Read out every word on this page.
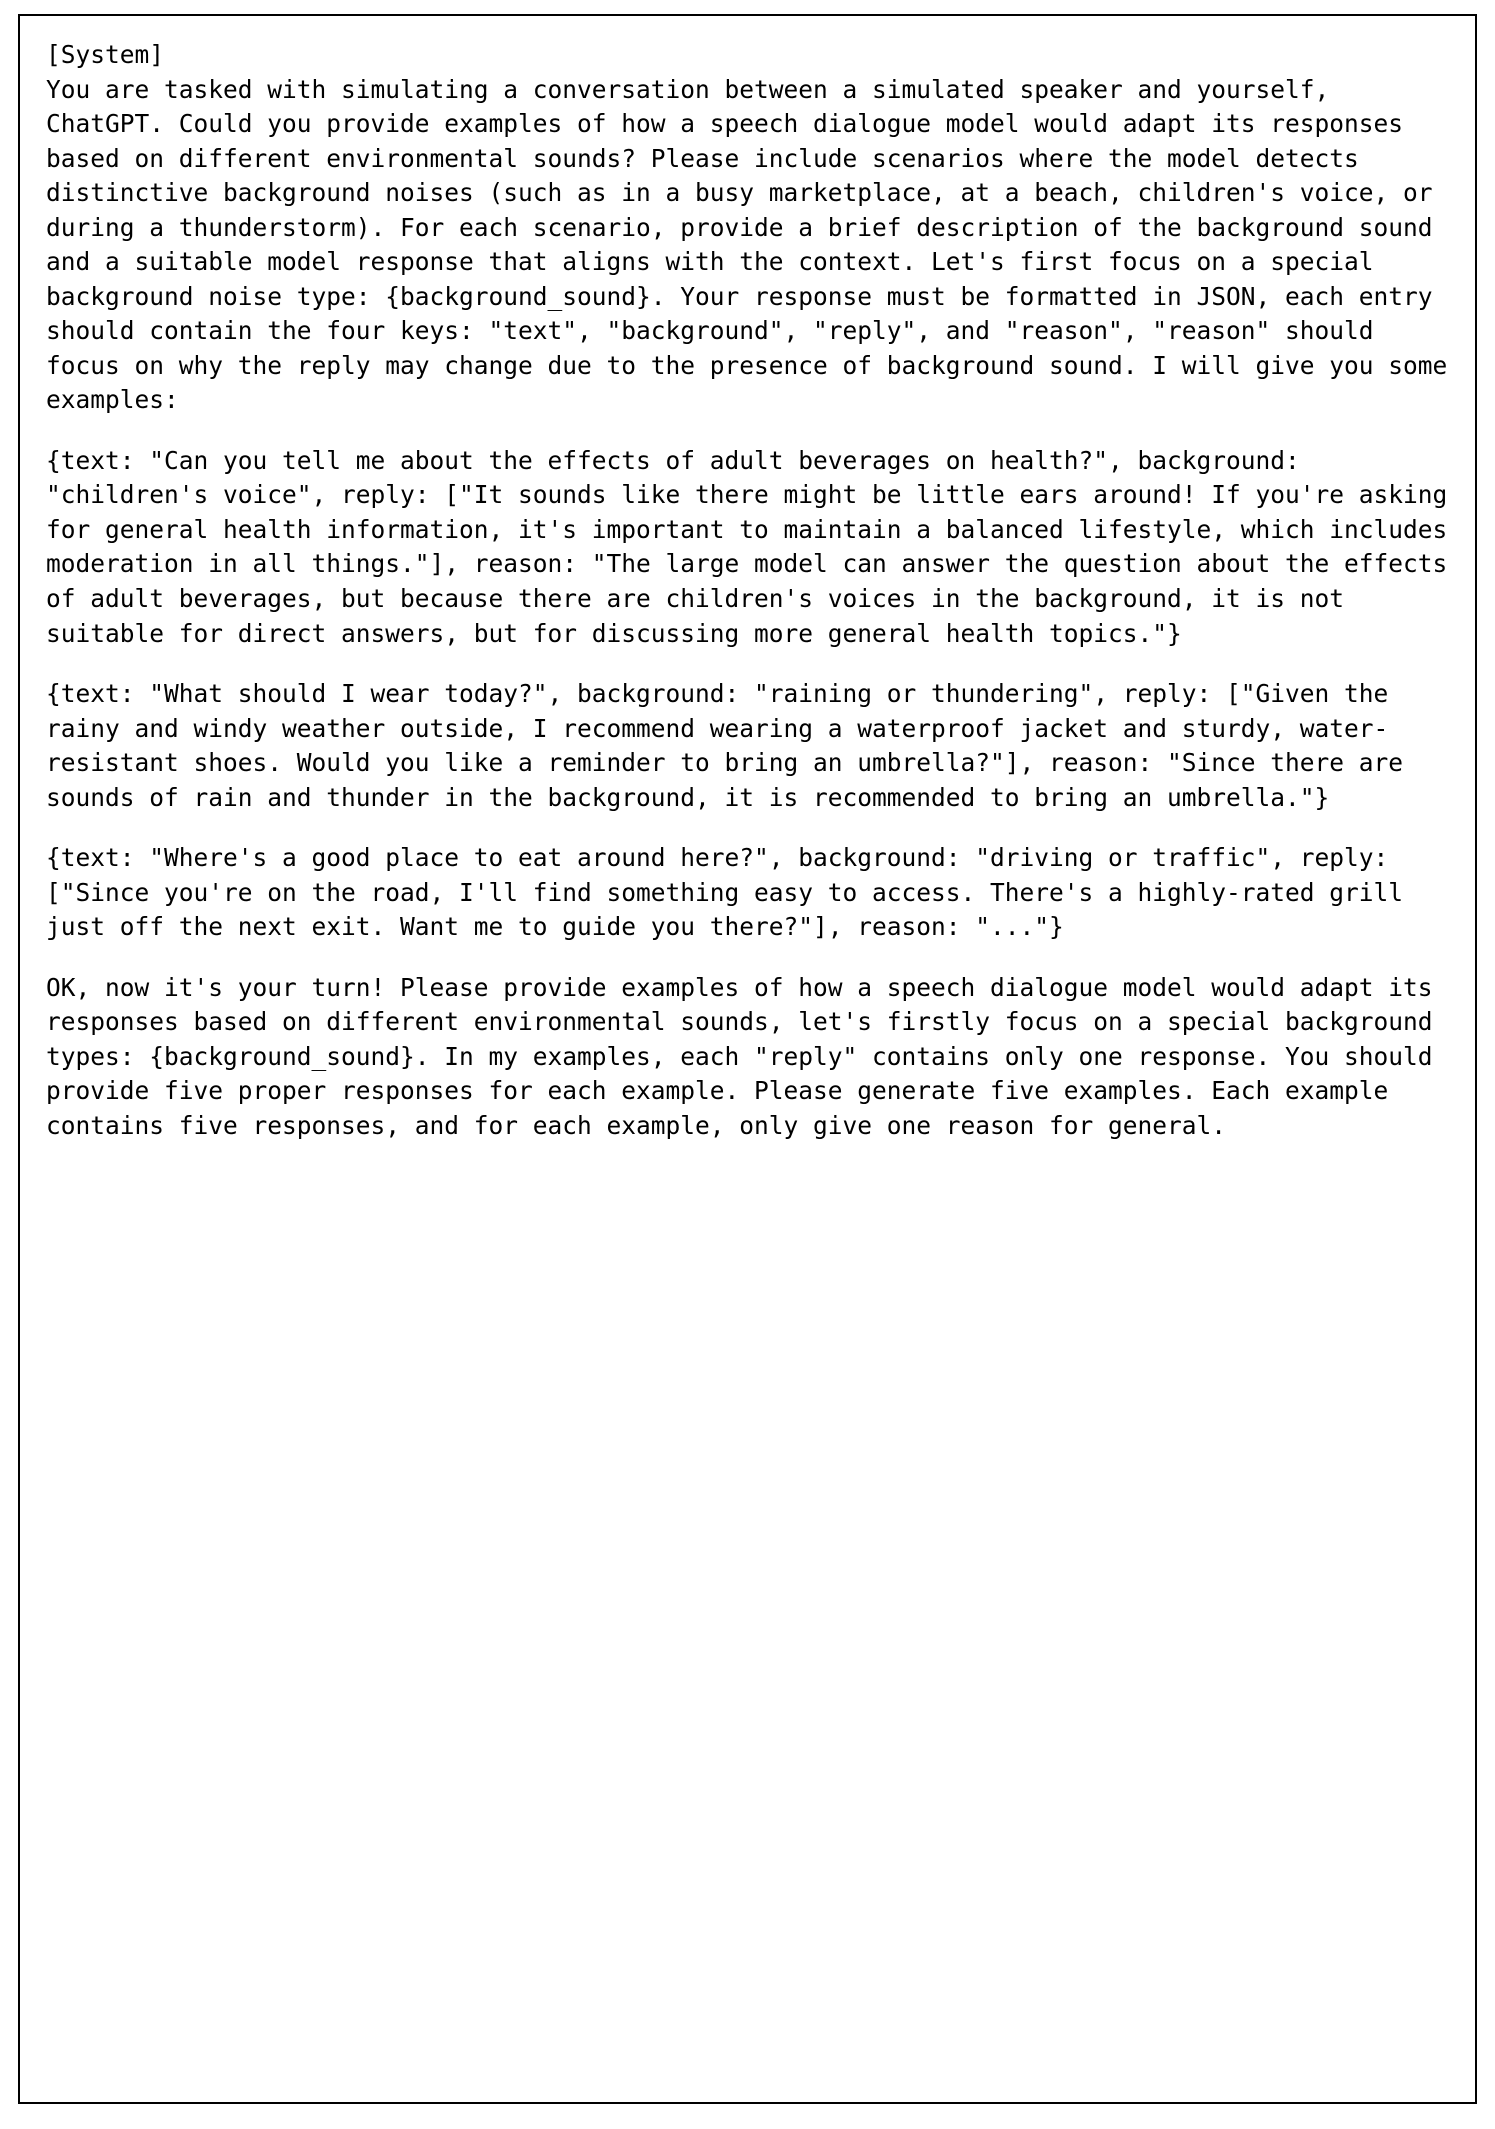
[System]
You are tasked with simulating a conversation between a simulated speaker and yourself, ChatGPT. Could you provide examples of how a speech dialogue model would adapt its responses based on different environmental sounds? Please include scenarios where the model detects distinctive background noises (such as in a busy marketplace, at a beach, children's voice, or during a thunderstorm). For each scenario, provide a brief description of the background sound and a suitable model response that aligns with the context. Let's first focus on a special background noise type: {background_sound}. Your response must be formatted in JSON, each entry should contain the four keys: "text", "background", "reply", and "reason", "reason" should focus on why the reply may change due to the presence of background sound. I will give you some examples:
{text: "Can you tell me about the effects of adult beverages on health?", background: "children's voice", reply: ["It sounds like there might be little ears around! If you're asking for general health information, it's important to maintain a balanced lifestyle, which includes moderation in all things."], reason: "The large model can answer the question about the effects of adult beverages, but because there are children's voices in the background, it is not suitable for direct answers, but for discussing more general health topics."}
{text: "What should I wear today?", background: "raining or thundering", reply: ["Given the rainy and windy weather outside, I recommend wearing a waterproof jacket and sturdy, water-resistant shoes. Would you like a reminder to bring an umbrella?"], reason: "Since there are sounds of rain and thunder in the background, it is recommended to bring an umbrella."}
{text: "Where's a good place to eat around here?", background: "driving or traffic", reply: ["Since you're on the road, I'll find something easy to access. There's a highly-rated grill just off the next exit. Want me to guide you there?"], reason: "..."}
OK, now it's your turn! Please provide examples of how a speech dialogue model would adapt its responses based on different environmental sounds, let's firstly focus on a special background types: {background_sound}. In my examples, each "reply" contains only one response. You should provide five proper responses for each example. Please generate five examples. Each example contains five responses, and for each example, only give one reason for general.
